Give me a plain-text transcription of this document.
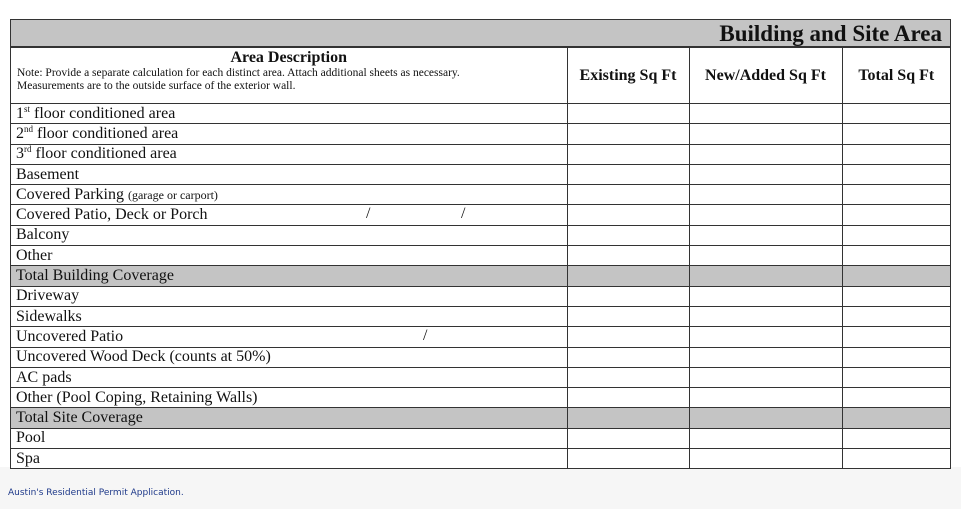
Building and Site Area
Area Description
Note: Provide a separate calculation for each distinct area. Attach additional sheets as necessary.
Measurements are to the outside surface of the exterior wall.	Existing Sq Ft	New/Added Sq Ft	Total Sq Ft
1st floor conditioned area			
2nd floor conditioned area			
3rd floor conditioned area			
Basement			
Covered Parking (garage or carport)			
Covered Patio, Deck or Porch / /			

Balcony			
Other			
Total Building Coverage			
Driveway			
Sidewalks			
Uncovered Patio /			

Uncovered Wood Deck (counts at 50%)			
AC pads			
Other (Pool Coping, Retaining Walls)			
Total Site Coverage			
Pool			
Spa			
Austin's Residential Permit Application.
